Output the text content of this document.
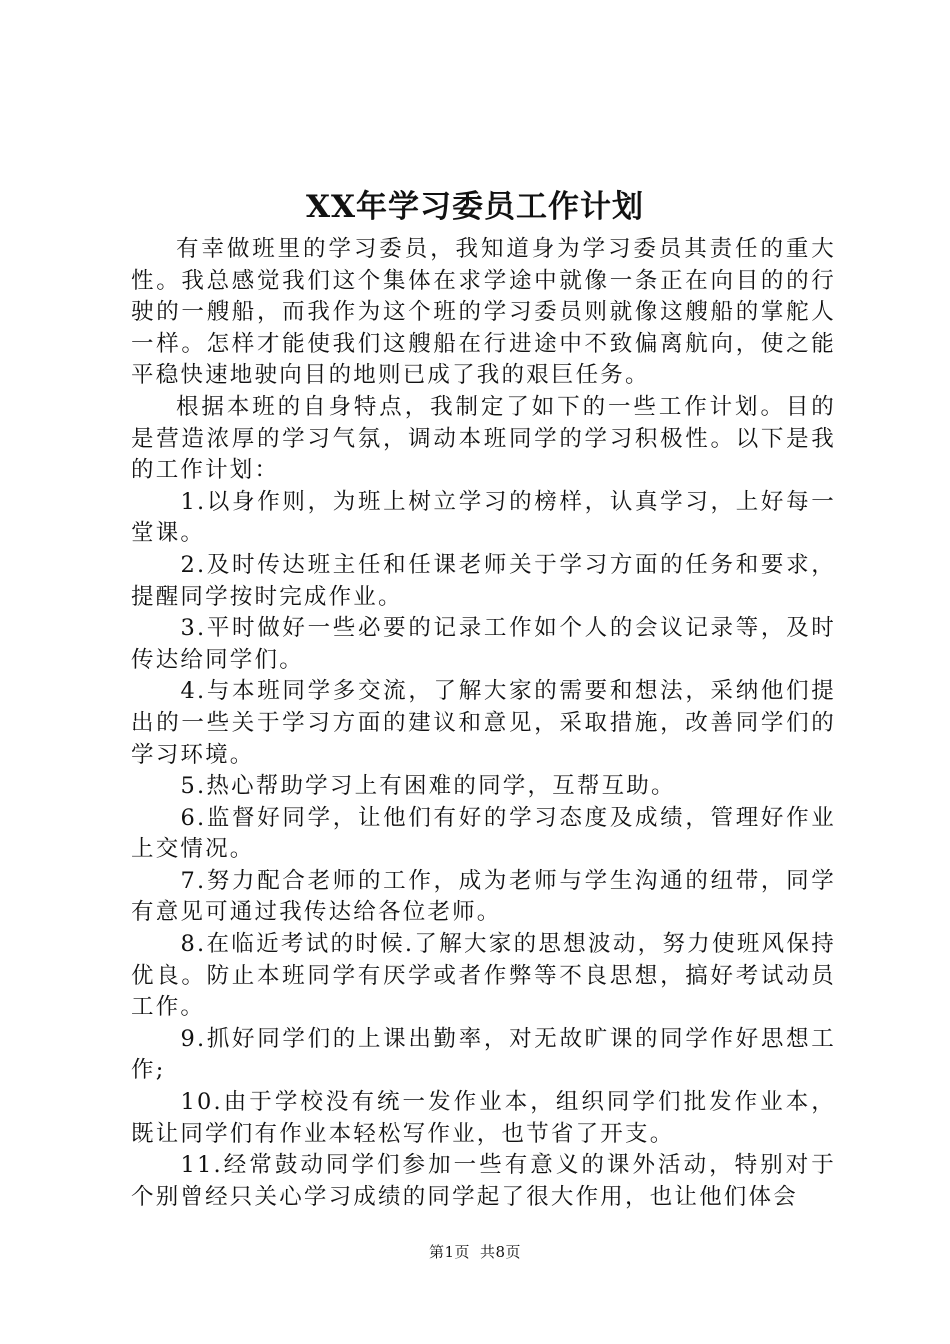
XX年学习委员工作计划

有幸做班里的学习委员，我知道身为学习委员其责任的重大性。我总感觉我们这个集体在求学途中就像一条正在向目的的行驶的一艘船，而我作为这个班的学习委员则就像这艘船的掌舵人一样。怎样才能使我们这艘船在行进途中不致偏离航向，使之能平稳快速地驶向目的地则已成了我的艰巨任务。

根据本班的自身特点，我制定了如下的一些工作计划。目的是营造浓厚的学习气氛，调动本班同学的学习积极性。以下是我的工作计划：

1.以身作则，为班上树立学习的榜样，认真学习，上好每一堂课。

2.及时传达班主任和任课老师关于学习方面的任务和要求，提醒同学按时完成作业。

3.平时做好一些必要的记录工作如个人的会议记录等，及时传达给同学们。

4.与本班同学多交流，了解大家的需要和想法，采纳他们提出的一些关于学习方面的建议和意见，采取措施，改善同学们的学习环境。

5.热心帮助学习上有困难的同学，互帮互助。

6.监督好同学，让他们有好的学习态度及成绩，管理好作业上交情况。

7.努力配合老师的工作，成为老师与学生沟通的纽带，同学有意见可通过我传达给各位老师。

8.在临近考试的时候.了解大家的思想波动，努力使班风保持优良。防止本班同学有厌学或者作弊等不良思想，搞好考试动员工作。

9.抓好同学们的上课出勤率，对无故旷课的同学作好思想工作;

10.由于学校没有统一发作业本，组织同学们批发作业本，既让同学们有作业本轻松写作业，也节省了开支。

11.经常鼓动同学们参加一些有意义的课外活动，特别对于个别曾经只关心学习成绩的同学起了很大作用，也让他们体会

第1页 共8页
